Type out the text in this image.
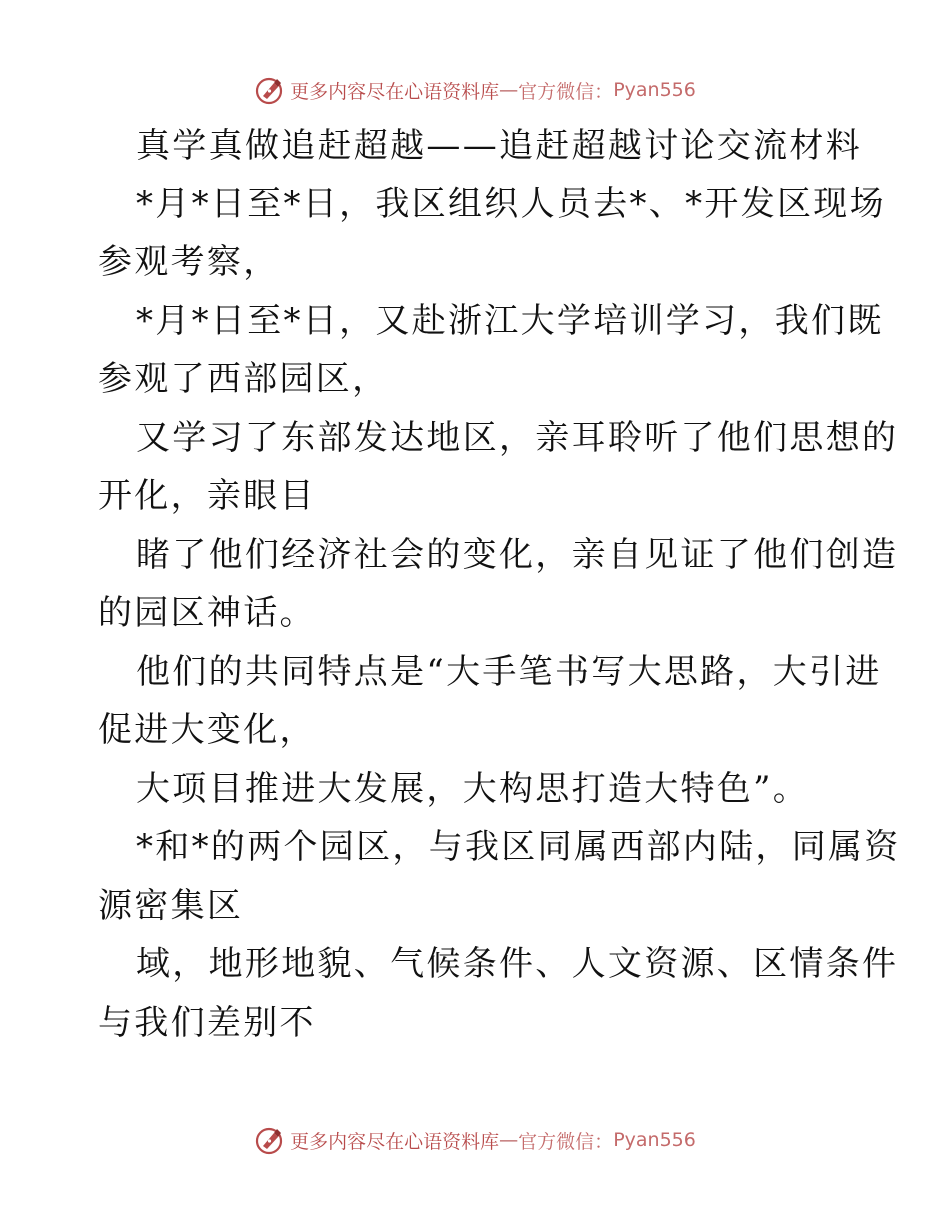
更多内容尽在心语资料库 — 官方微信： Pyan556
真学真做追赶超越——追赶超越讨论交流材料
*月*日至*日，我区组织人员去*、*开发区现场
参观考察，
*月*日至*日，又赴浙江大学培训学习，我们既
参观了西部园区，
又学习了东部发达地区，亲耳聆听了他们思想的
开化，亲眼目
睹了他们经济社会的变化，亲自见证了他们创造
的园区神话。
他们的共同特点是“大手笔书写大思路，大引进
促进大变化，
大项目推进大发展，大构思打造大特色”。
*和*的两个园区，与我区同属西部内陆，同属资
源密集区
域，地形地貌、气候条件、人文资源、区情条件
与我们差别不
更多内容尽在心语资料库 — 官方微信： Pyan556
